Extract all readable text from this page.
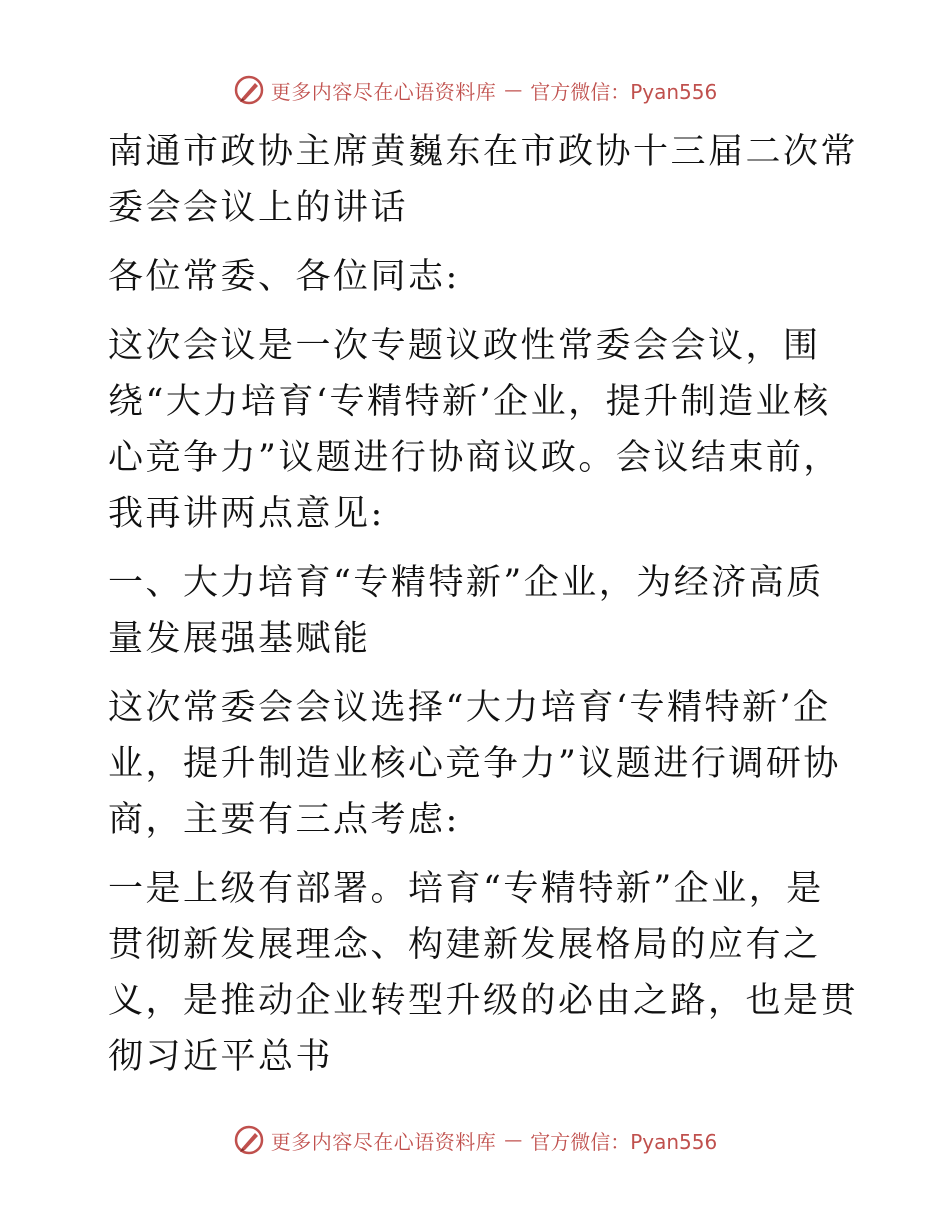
更多内容尽在心语资料库 — 官方微信：Pyan556

南通市政协主席黄巍东在市政协十三届二次常委会会议上的讲话

各位常委、各位同志:

这次会议是一次专题议政性常委会会议，围绕“大力培育‘专精特新’企业，提升制造业核心竞争力”议题进行协商议政。会议结束前，我再讲两点意见:

一、大力培育“专精特新”企业，为经济高质量发展强基赋能

这次常委会会议选择“大力培育‘专精特新’企业，提升制造业核心竞争力”议题进行调研协商，主要有三点考虑:

一是上级有部署。培育“专精特新”企业，是贯彻新发展理念、构建新发展格局的应有之义，是推动企业转型升级的必由之路，也是贯彻习近平总书

更多内容尽在心语资料库 — 官方微信：Pyan556
